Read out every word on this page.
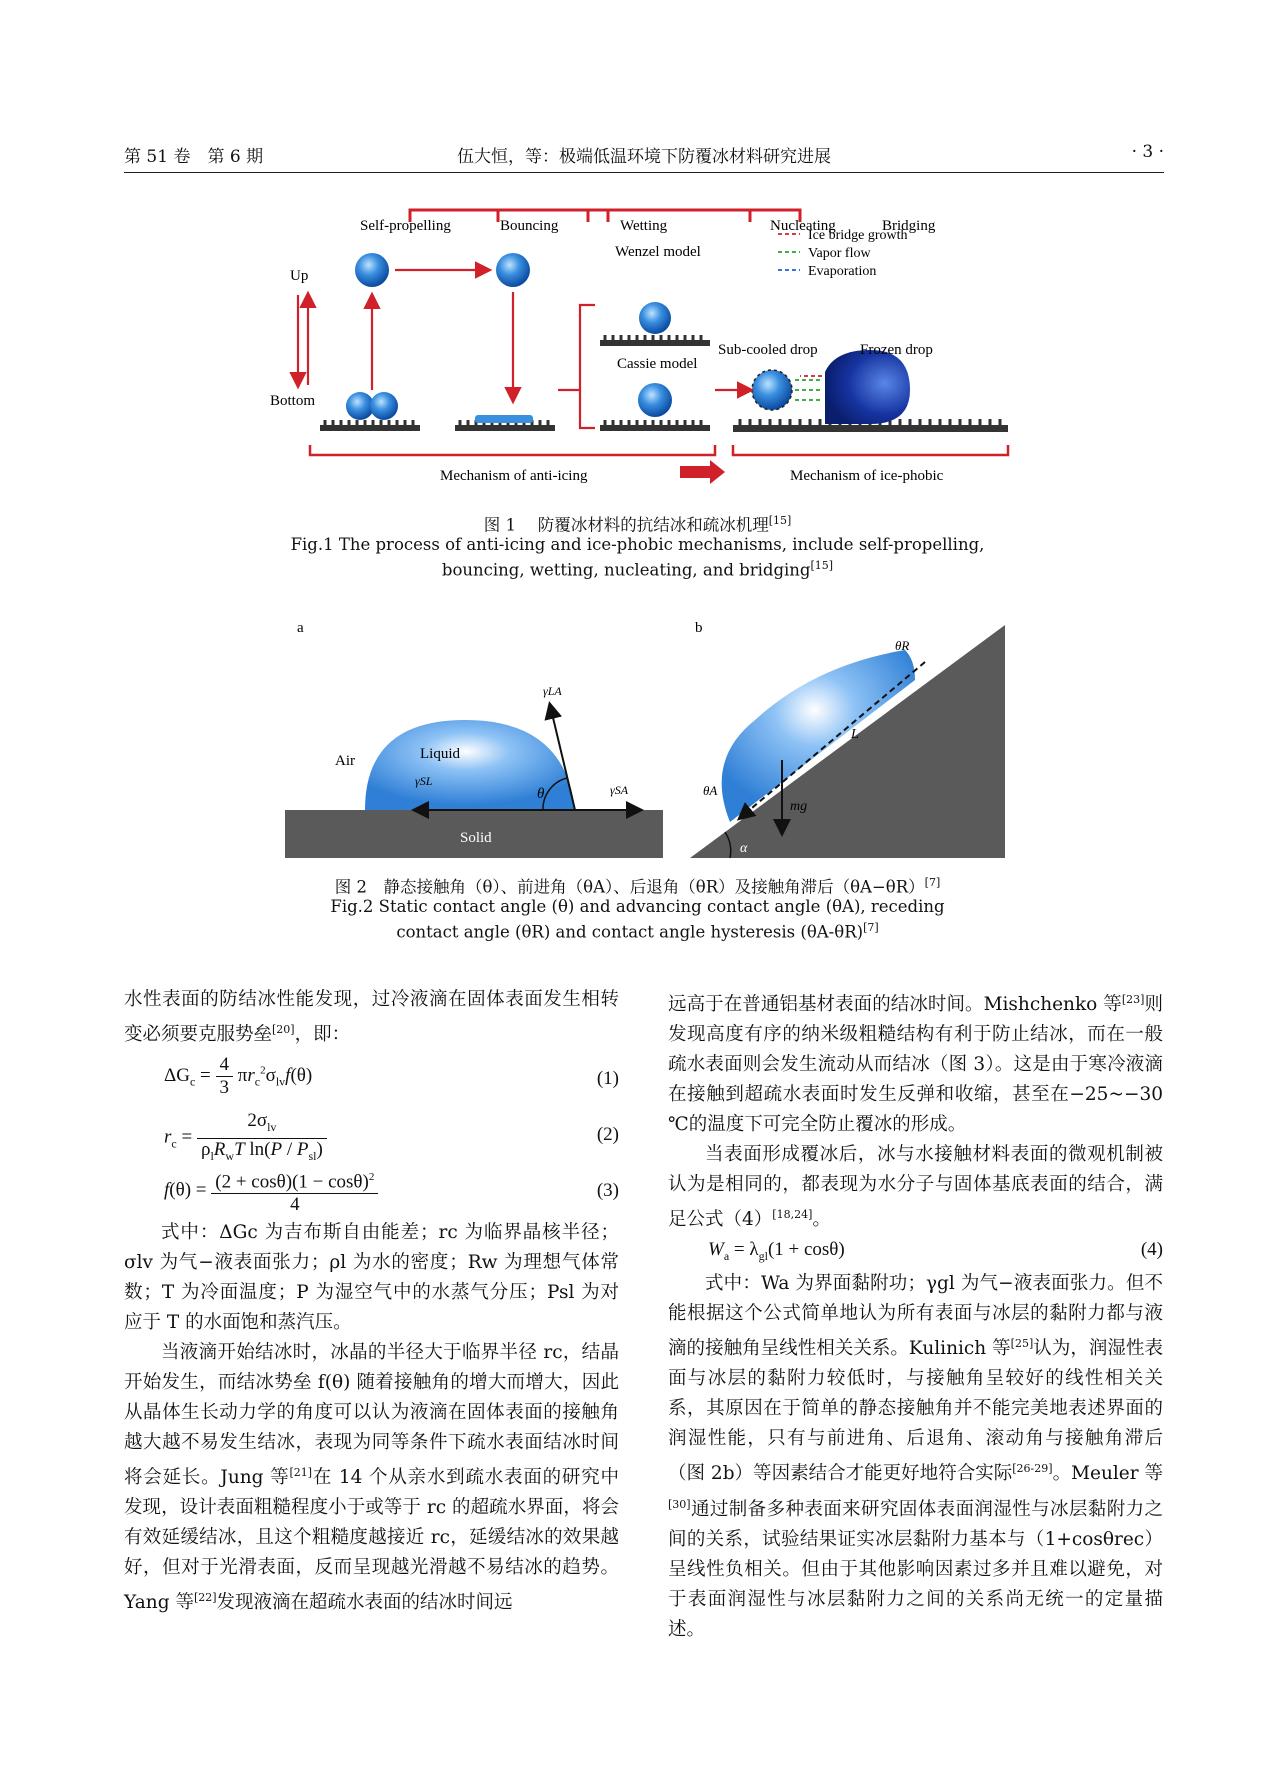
第 51 卷　第 6 期	伍大恒，等：极端低温环境下防覆冰材料研究进展	· 3 ·
Self-propelling	Bouncing	Wetting	Nucleating	Bridging
Up
Bottom
Wenzel model
Cassie model
Sub-cooled drop	Frozen drop
Ice bridge growth
Vapor flow
Evaporation
Mechanism of anti-icing	Mechanism of ice-phobic
图 1　 防覆冰材料的抗结冰和疏冰机理[15]
Fig.1 The process of anti-icing and ice-phobic mechanisms, include self-propelling,
bouncing, wetting, nucleating, and bridging[15]
a
Air	Liquid
γSL
Solid
γLA
γSA
θ
b
θR
θA
L
mg
α
图 2　静态接触角（θ）、前进角（θA）、后退角（θR）及接触角滞后（θA−θR）[7]
Fig.2 Static contact angle (θ) and advancing contact angle (θA), receding
contact angle (θR) and contact angle hysteresis (θA-θR)[7]

水性表面的防结冰性能发现，过冷液滴在固体表面发生相转变必须要克服势垒[20]，即：

$\Delta G_c = \frac{4}{3} \pi r_c^2\sigma_{lv}f(\theta)$	(1)
$r_c = \frac{2\sigma_{lv}}{\rho_lR_wT \ln(P / P_{sl})}$	(2)
$f(\theta) = \frac{(2 + \cos\theta)(1 - \cos\theta)^2}{4}$	(3)

式中：ΔGc 为吉布斯自由能差；rc 为临界晶核半径；σlv 为气−液表面张力；ρl 为水的密度；Rw 为理想气体常数；T 为冷面温度；P 为湿空气中的水蒸气分压；Psl 为对应于 T 的水面饱和蒸汽压。

当液滴开始结冰时，冰晶的半径大于临界半径 rc，结晶开始发生，而结冰势垒 f(θ) 随着接触角的增大而增大，因此从晶体生长动力学的角度可以认为液滴在固体表面的接触角越大越不易发生结冰，表现为同等条件下疏水表面结冰时间将会延长。Jung 等[21]在 14 个从亲水到疏水表面的研究中发现，设计表面粗糙程度小于或等于 rc 的超疏水界面，将会有效延缓结冰，且这个粗糙度越接近 rc，延缓结冰的效果越好，但对于光滑表面，反而呈现越光滑越不易结冰的趋势。Yang 等[22]发现液滴在超疏水表面的结冰时间远

远高于在普通铝基材表面的结冰时间。Mishchenko 等[23]则发现高度有序的纳米级粗糙结构有利于防止结冰，而在一般疏水表面则会发生流动从而结冰（图 3）。这是由于寒冷液滴在接触到超疏水表面时发生反弹和收缩，甚至在−25~−30 ℃的温度下可完全防止覆冰的形成。

当表面形成覆冰后，冰与水接触材料表面的微观机制被认为是相同的，都表现为水分子与固体基底表面的结合，满足公式（4）[18,24]。

$W_a = \lambda_{gl}(1 + \cos\theta)$	(4)

式中：Wa 为界面黏附功；γgl 为气−液表面张力。但不能根据这个公式简单地认为所有表面与冰层的黏附力都与液滴的接触角呈线性相关关系。Kulinich 等[25]认为，润湿性表面与冰层的黏附力较低时，与接触角呈较好的线性相关关系，其原因在于简单的静态接触角并不能完美地表述界面的润湿性能，只有与前进角、后退角、滚动角与接触角滞后（图 2b）等因素结合才能更好地符合实际[26-29]。Meuler 等[30]通过制备多种表面来研究固体表面润湿性与冰层黏附力之间的关系，试验结果证实冰层黏附力基本与（1+cosθrec）呈线性负相关。但由于其他影响因素过多并且难以避免，对于表面润湿性与冰层黏附力之间的关系尚无统一的定量描述。
